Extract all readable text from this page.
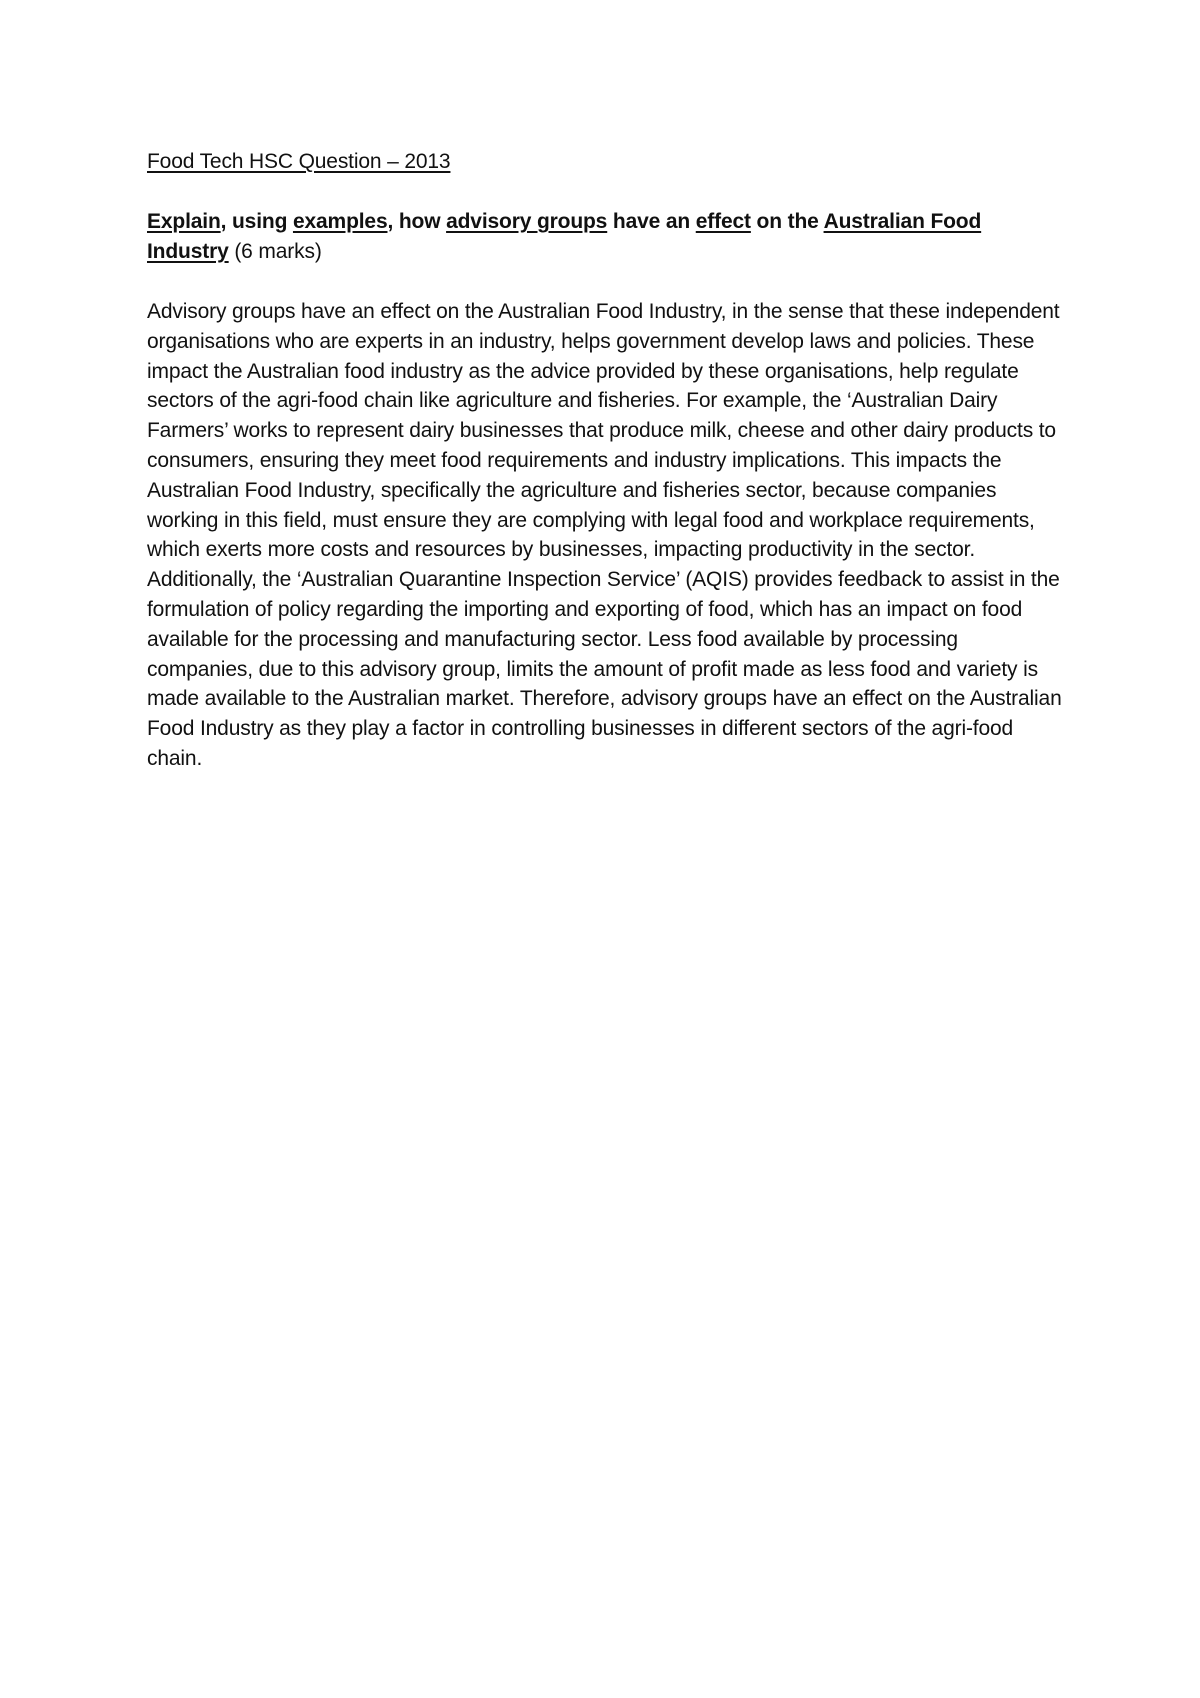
Food Tech HSC Question – 2013

Explain, using examples, how advisory groups have an effect on the Australian Food Industry (6 marks)

Advisory groups have an effect on the Australian Food Industry, in the sense that these independent organisations who are experts in an industry, helps government develop laws and policies. These impact the Australian food industry as the advice provided by these organisations, help regulate sectors of the agri-food chain like agriculture and fisheries. For example, the ‘Australian Dairy Farmers’ works to represent dairy businesses that produce milk, cheese and other dairy products to consumers, ensuring they meet food requirements and industry implications. This impacts the Australian Food Industry, specifically the agriculture and fisheries sector, because companies working in this field, must ensure they are complying with legal food and workplace requirements, which exerts more costs and resources by businesses, impacting productivity in the sector. Additionally, the ‘Australian Quarantine Inspection Service’ (AQIS) provides feedback to assist in the formulation of policy regarding the importing and exporting of food, which has an impact on food available for the processing and manufacturing sector. Less food available by processing companies, due to this advisory group, limits the amount of profit made as less food and variety is made available to the Australian market. Therefore, advisory groups have an effect on the Australian Food Industry as they play a factor in controlling businesses in different sectors of the agri-food chain.
